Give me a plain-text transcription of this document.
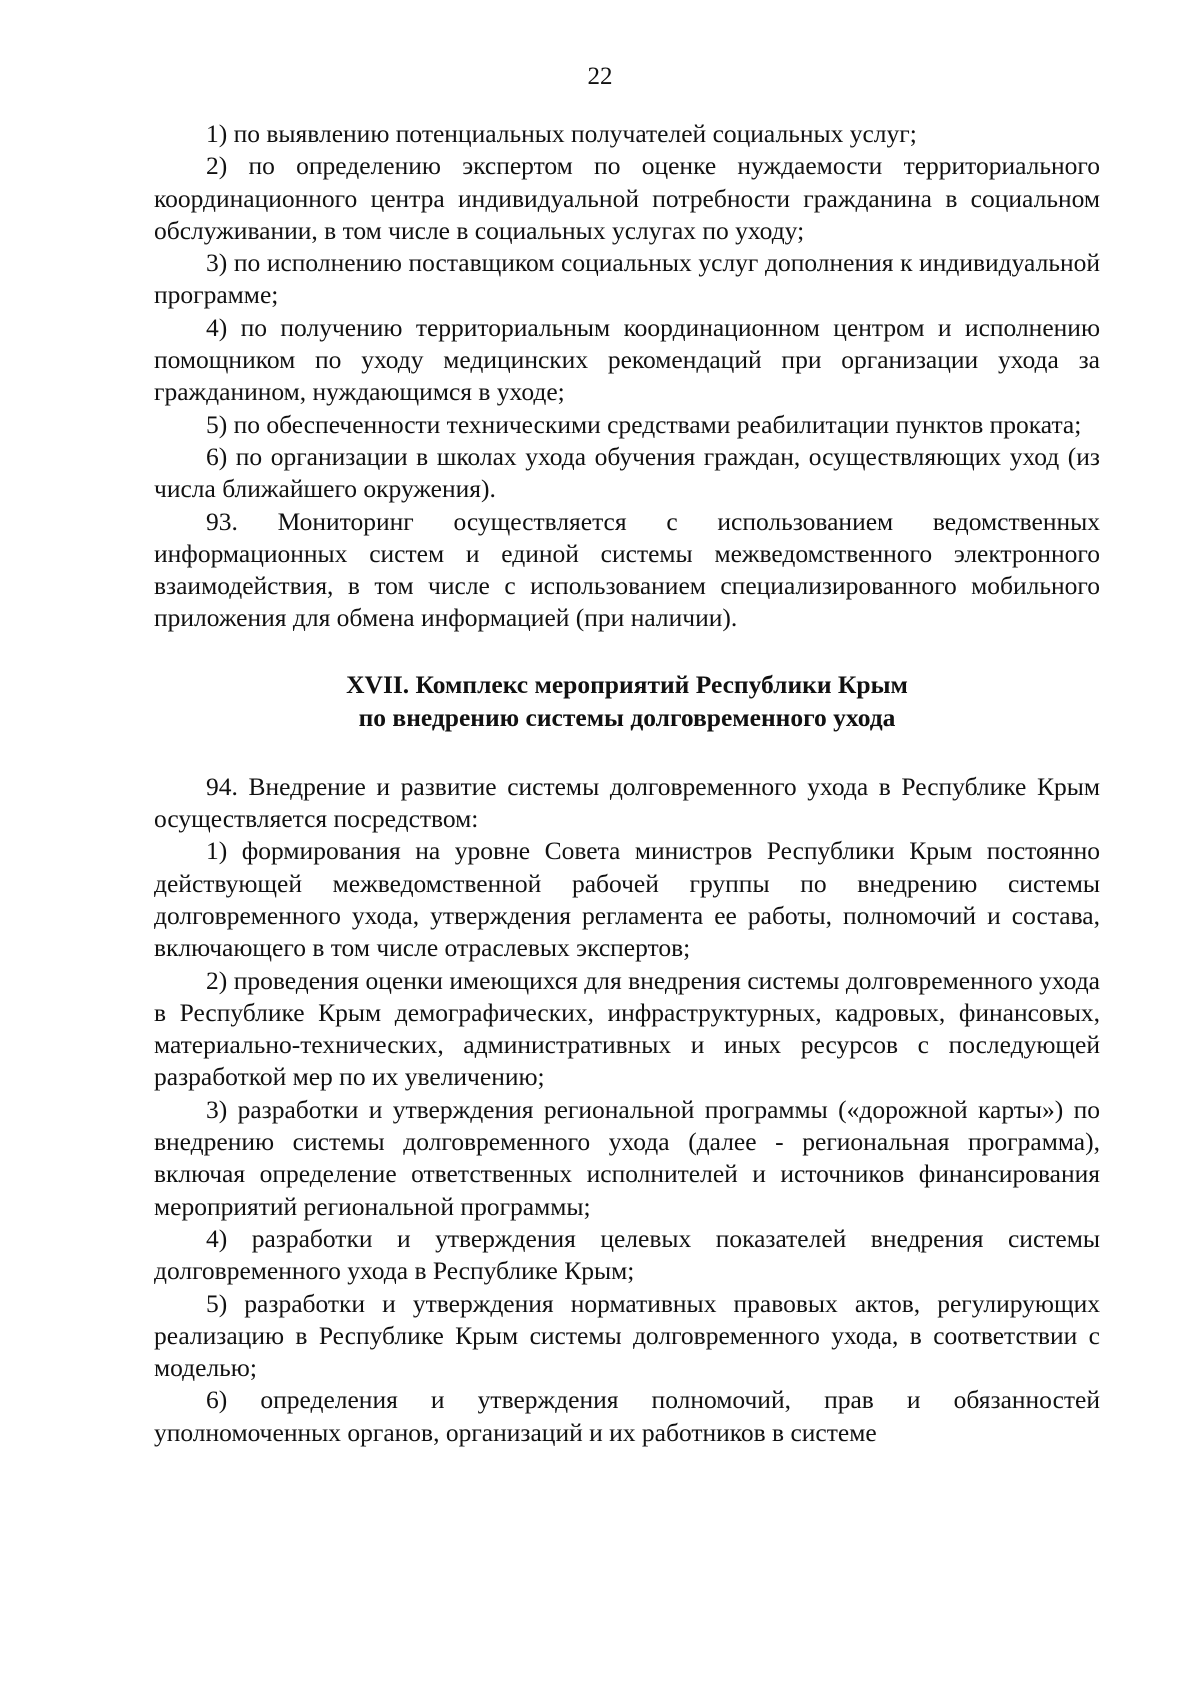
22

1) по выявлению потенциальных получателей социальных услуг;

2) по определению экспертом по оценке нуждаемости территориального координационного центра индивидуальной потребности гражданина в социальном обслуживании, в том числе в социальных услугах по уходу;

3) по исполнению поставщиком социальных услуг дополнения к индивидуальной программе;

4) по получению территориальным координационном центром и исполнению помощником по уходу медицинских рекомендаций при организации ухода за гражданином, нуждающимся в уходе;

5) по обеспеченности техническими средствами реабилитации пунктов проката;

6) по организации в школах ухода обучения граждан, осуществляющих уход (из числа ближайшего окружения).

93. Мониторинг осуществляется с использованием ведомственных информационных систем и единой системы межведомственного электронного взаимодействия, в том числе с использованием специализированного мобильного приложения для обмена информацией (при наличии).

XVII. Комплекс мероприятий Республики Крым
по внедрению системы долговременного ухода

94. Внедрение и развитие системы долговременного ухода в Республике Крым осуществляется посредством:

1) формирования на уровне Совета министров Республики Крым постоянно действующей межведомственной рабочей группы по внедрению системы долговременного ухода, утверждения регламента ее работы, полномочий и состава, включающего в том числе отраслевых экспертов;

2) проведения оценки имеющихся для внедрения системы долговременного ухода в Республике Крым демографических, инфраструктурных, кадровых, финансовых, материально-технических, административных и иных ресурсов с последующей разработкой мер по их увеличению;

3) разработки и утверждения региональной программы («дорожной карты») по внедрению системы долговременного ухода (далее - региональная программа), включая определение ответственных исполнителей и источников финансирования мероприятий региональной программы;

4) разработки и утверждения целевых показателей внедрения системы долговременного ухода в Республике Крым;

5) разработки и утверждения нормативных правовых актов, регулирующих реализацию в Республике Крым системы долговременного ухода, в соответствии с моделью;

6) определения и утверждения полномочий, прав и обязанностей уполномоченных органов, организаций и их работников в системе
